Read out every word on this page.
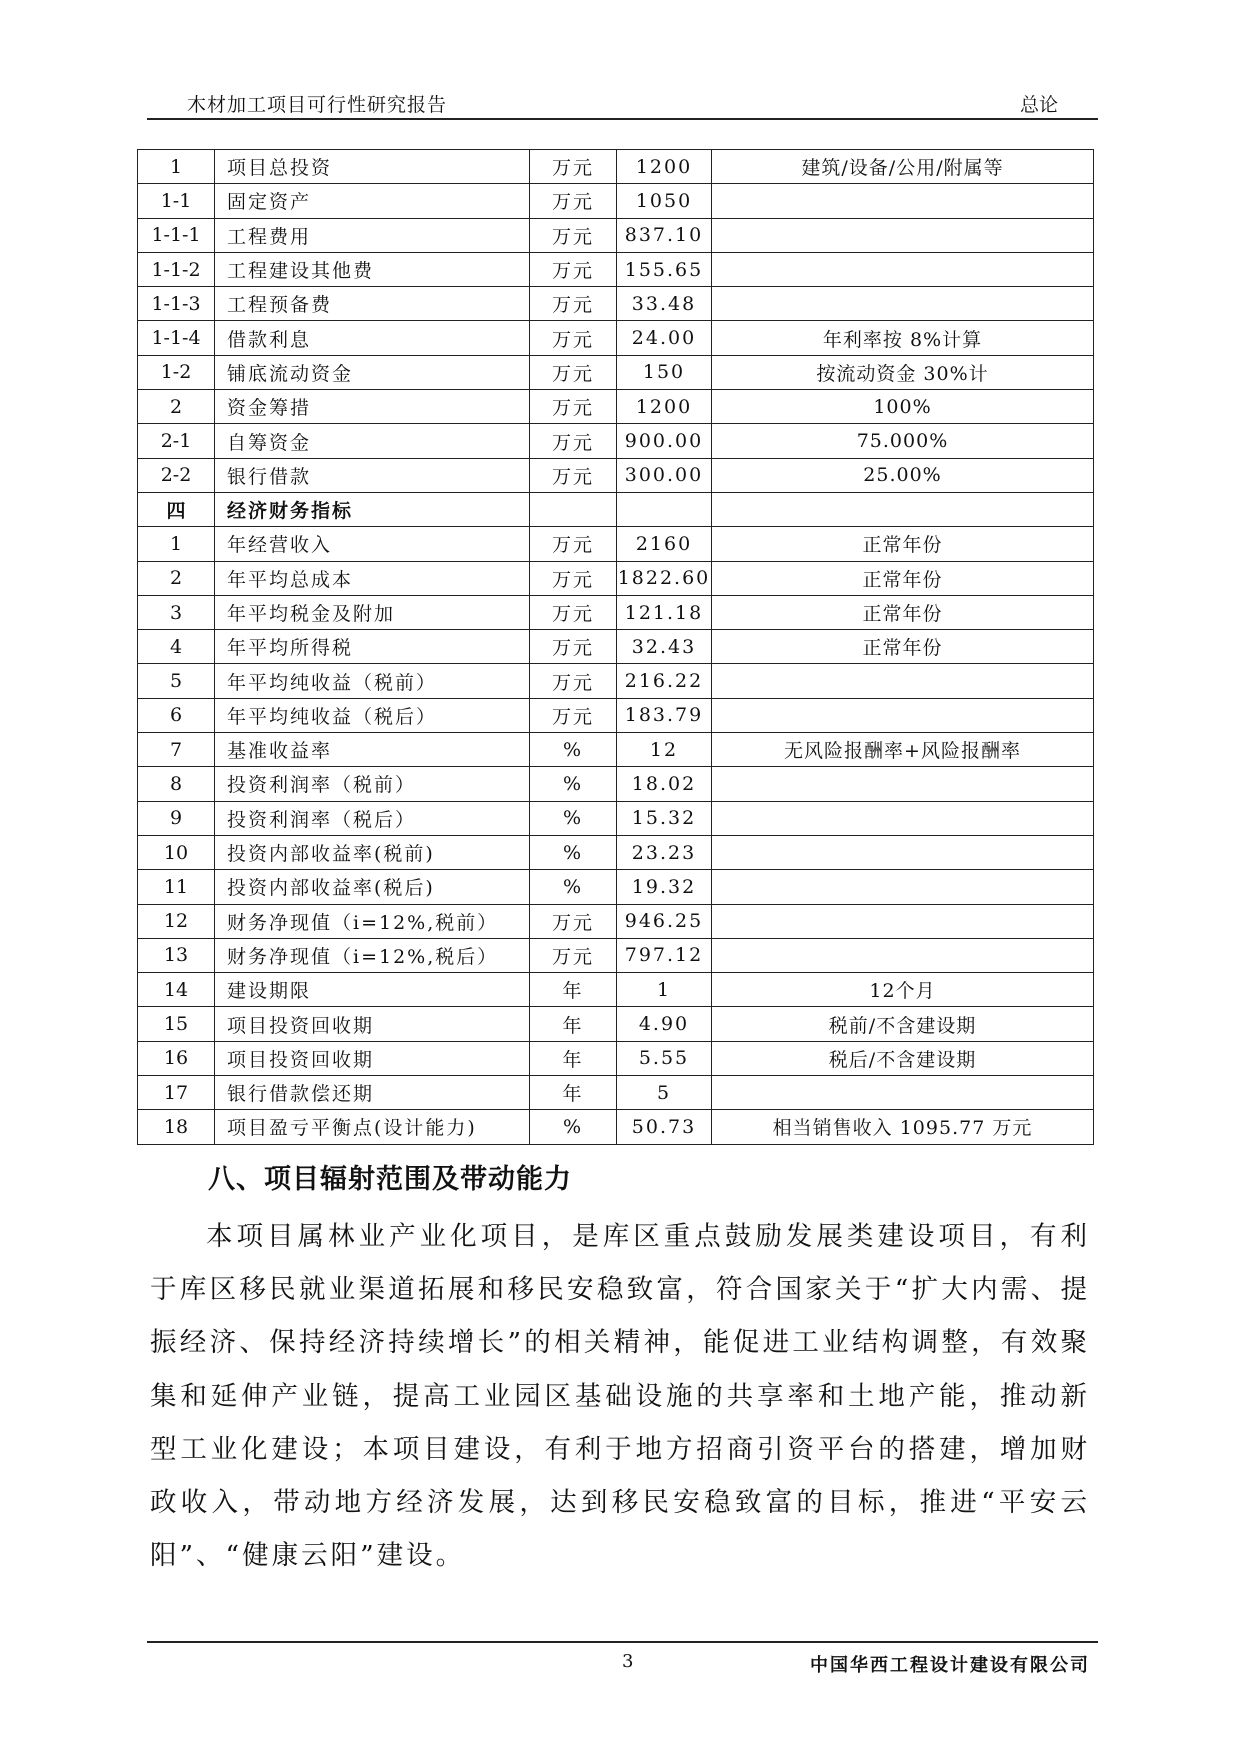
木材加工项目可行性研究报告	总论
1	项目总投资	万元	1200	建筑/设备/公用/附属等
1-1	固定资产	万元	1050	
1-1-1	工程费用	万元	837.10	
1-1-2	工程建设其他费	万元	155.65	
1-1-3	工程预备费	万元	33.48	
1-1-4	借款利息	万元	24.00	年利率按 8%计算
1-2	铺底流动资金	万元	150	按流动资金 30%计
2	资金筹措	万元	1200	100%
2-1	自筹资金	万元	900.00	75.000%
2-2	银行借款	万元	300.00	25.00%
四	经济财务指标			
1	年经营收入	万元	2160	正常年份
2	年平均总成本	万元	1822.60	正常年份
3	年平均税金及附加	万元	121.18	正常年份
4	年平均所得税	万元	32.43	正常年份
5	年平均纯收益（税前）	万元	216.22	
6	年平均纯收益（税后）	万元	183.79	
7	基准收益率	%	12	无风险报酬率+风险报酬率
8	投资利润率（税前）	%	18.02	
9	投资利润率（税后）	%	15.32	
10	投资内部收益率(税前)	%	23.23	
11	投资内部收益率(税后)	%	19.32	
12	财务净现值（i=12%,税前）	万元	946.25	
13	财务净现值（i=12%,税后）	万元	797.12	
14	建设期限	年	1	12个月
15	项目投资回收期	年	4.90	税前/不含建设期
16	项目投资回收期	年	5.55	税后/不含建设期
17	银行借款偿还期	年	5	
18	项目盈亏平衡点(设计能力)	%	50.73	相当销售收入 1095.77 万元
八、项目辐射范围及带动能力

本项目属林业产业化项目，是库区重点鼓励发展类建设项目，有利于库区移民就业渠道拓展和移民安稳致富，符合国家关于“扩大内需、提振经济、保持经济持续增长”的相关精神，能促进工业结构调整，有效聚集和延伸产业链，提高工业园区基础设施的共享率和土地产能，推动新型工业化建设；本项目建设，有利于地方招商引资平台的搭建，增加财政收入，带动地方经济发展，达到移民安稳致富的目标，推进“平安云阳”、“健康云阳”建设。

3	中国华西工程设计建设有限公司
